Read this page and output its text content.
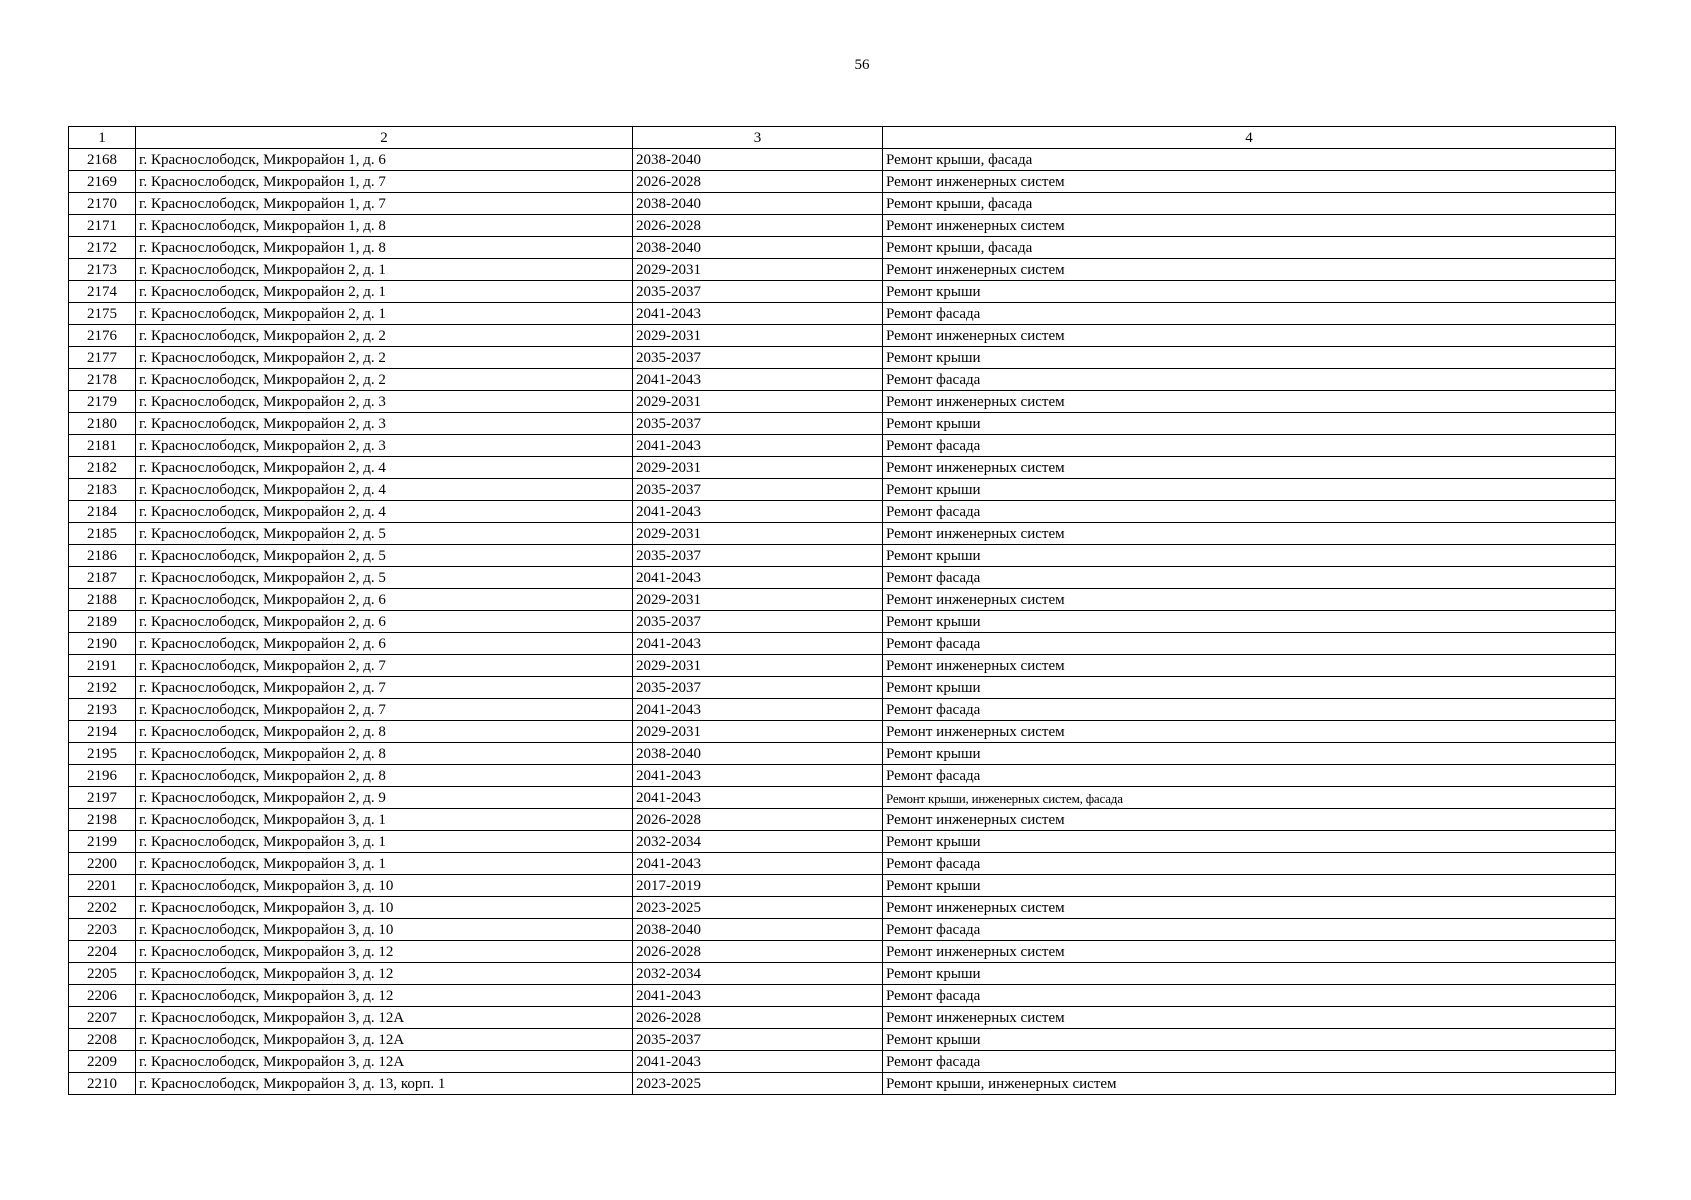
56
1	2	3	4
2168	г. Краснослободск, Микрорайон 1, д. 6	2038-2040	Ремонт крыши, фасада
2169	г. Краснослободск, Микрорайон 1, д. 7	2026-2028	Ремонт инженерных систем
2170	г. Краснослободск, Микрорайон 1, д. 7	2038-2040	Ремонт крыши, фасада
2171	г. Краснослободск, Микрорайон 1, д. 8	2026-2028	Ремонт инженерных систем
2172	г. Краснослободск, Микрорайон 1, д. 8	2038-2040	Ремонт крыши, фасада
2173	г. Краснослободск, Микрорайон 2, д. 1	2029-2031	Ремонт инженерных систем
2174	г. Краснослободск, Микрорайон 2, д. 1	2035-2037	Ремонт крыши
2175	г. Краснослободск, Микрорайон 2, д. 1	2041-2043	Ремонт фасада
2176	г. Краснослободск, Микрорайон 2, д. 2	2029-2031	Ремонт инженерных систем
2177	г. Краснослободск, Микрорайон 2, д. 2	2035-2037	Ремонт крыши
2178	г. Краснослободск, Микрорайон 2, д. 2	2041-2043	Ремонт фасада
2179	г. Краснослободск, Микрорайон 2, д. 3	2029-2031	Ремонт инженерных систем
2180	г. Краснослободск, Микрорайон 2, д. 3	2035-2037	Ремонт крыши
2181	г. Краснослободск, Микрорайон 2, д. 3	2041-2043	Ремонт фасада
2182	г. Краснослободск, Микрорайон 2, д. 4	2029-2031	Ремонт инженерных систем
2183	г. Краснослободск, Микрорайон 2, д. 4	2035-2037	Ремонт крыши
2184	г. Краснослободск, Микрорайон 2, д. 4	2041-2043	Ремонт фасада
2185	г. Краснослободск, Микрорайон 2, д. 5	2029-2031	Ремонт инженерных систем
2186	г. Краснослободск, Микрорайон 2, д. 5	2035-2037	Ремонт крыши
2187	г. Краснослободск, Микрорайон 2, д. 5	2041-2043	Ремонт фасада
2188	г. Краснослободск, Микрорайон 2, д. 6	2029-2031	Ремонт инженерных систем
2189	г. Краснослободск, Микрорайон 2, д. 6	2035-2037	Ремонт крыши
2190	г. Краснослободск, Микрорайон 2, д. 6	2041-2043	Ремонт фасада
2191	г. Краснослободск, Микрорайон 2, д. 7	2029-2031	Ремонт инженерных систем
2192	г. Краснослободск, Микрорайон 2, д. 7	2035-2037	Ремонт крыши
2193	г. Краснослободск, Микрорайон 2, д. 7	2041-2043	Ремонт фасада
2194	г. Краснослободск, Микрорайон 2, д. 8	2029-2031	Ремонт инженерных систем
2195	г. Краснослободск, Микрорайон 2, д. 8	2038-2040	Ремонт крыши
2196	г. Краснослободск, Микрорайон 2, д. 8	2041-2043	Ремонт фасада
2197	г. Краснослободск, Микрорайон 2, д. 9	2041-2043	Ремонт крыши, инженерных систем, фасада
2198	г. Краснослободск, Микрорайон 3, д. 1	2026-2028	Ремонт инженерных систем
2199	г. Краснослободск, Микрорайон 3, д. 1	2032-2034	Ремонт крыши
2200	г. Краснослободск, Микрорайон 3, д. 1	2041-2043	Ремонт фасада
2201	г. Краснослободск, Микрорайон 3, д. 10	2017-2019	Ремонт крыши
2202	г. Краснослободск, Микрорайон 3, д. 10	2023-2025	Ремонт инженерных систем
2203	г. Краснослободск, Микрорайон 3, д. 10	2038-2040	Ремонт фасада
2204	г. Краснослободск, Микрорайон 3, д. 12	2026-2028	Ремонт инженерных систем
2205	г. Краснослободск, Микрорайон 3, д. 12	2032-2034	Ремонт крыши
2206	г. Краснослободск, Микрорайон 3, д. 12	2041-2043	Ремонт фасада
2207	г. Краснослободск, Микрорайон 3, д. 12А	2026-2028	Ремонт инженерных систем
2208	г. Краснослободск, Микрорайон 3, д. 12А	2035-2037	Ремонт крыши
2209	г. Краснослободск, Микрорайон 3, д. 12А	2041-2043	Ремонт фасада
2210	г. Краснослободск, Микрорайон 3, д. 13, корп. 1	2023-2025	Ремонт крыши, инженерных систем
